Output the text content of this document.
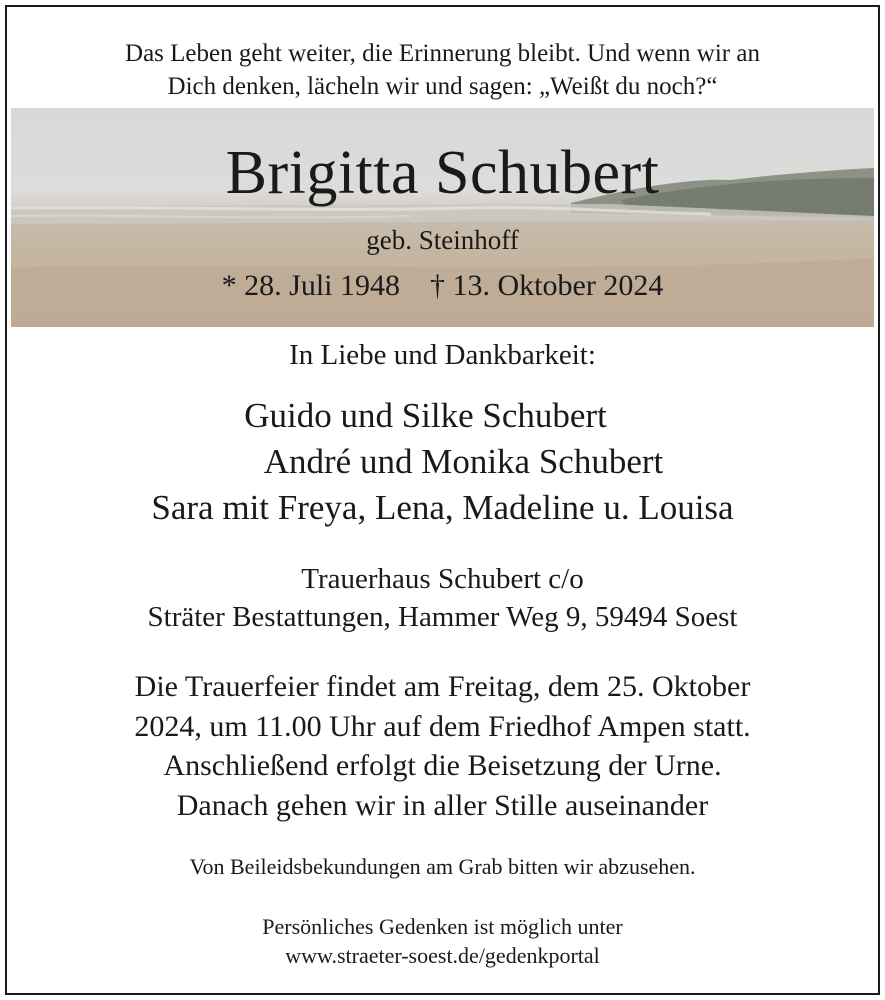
Das Leben geht weiter, die Erinnerung bleibt. Und wenn wir an
Dich denken, lächeln wir und sagen: „Weißt du noch?“
Brigitta Schubert
geb. Steinhoff
* 28. Juli 1948 † 13. Oktober 2024
In Liebe und Dankbarkeit:
Guido und Silke Schubert
André und Monika Schubert
Sara mit Freya, Lena, Madeline u. Louisa
Trauerhaus Schubert c/o
Sträter Bestattungen, Hammer Weg 9, 59494 Soest
Die Trauerfeier findet am Freitag, dem 25. Oktober
2024, um 11.00 Uhr auf dem Friedhof Ampen statt.
Anschließend erfolgt die Beisetzung der Urne.
Danach gehen wir in aller Stille auseinander
Von Beileidsbekundungen am Grab bitten wir abzusehen.
Persönliches Gedenken ist möglich unter
www.straeter-soest.de/gedenkportal
